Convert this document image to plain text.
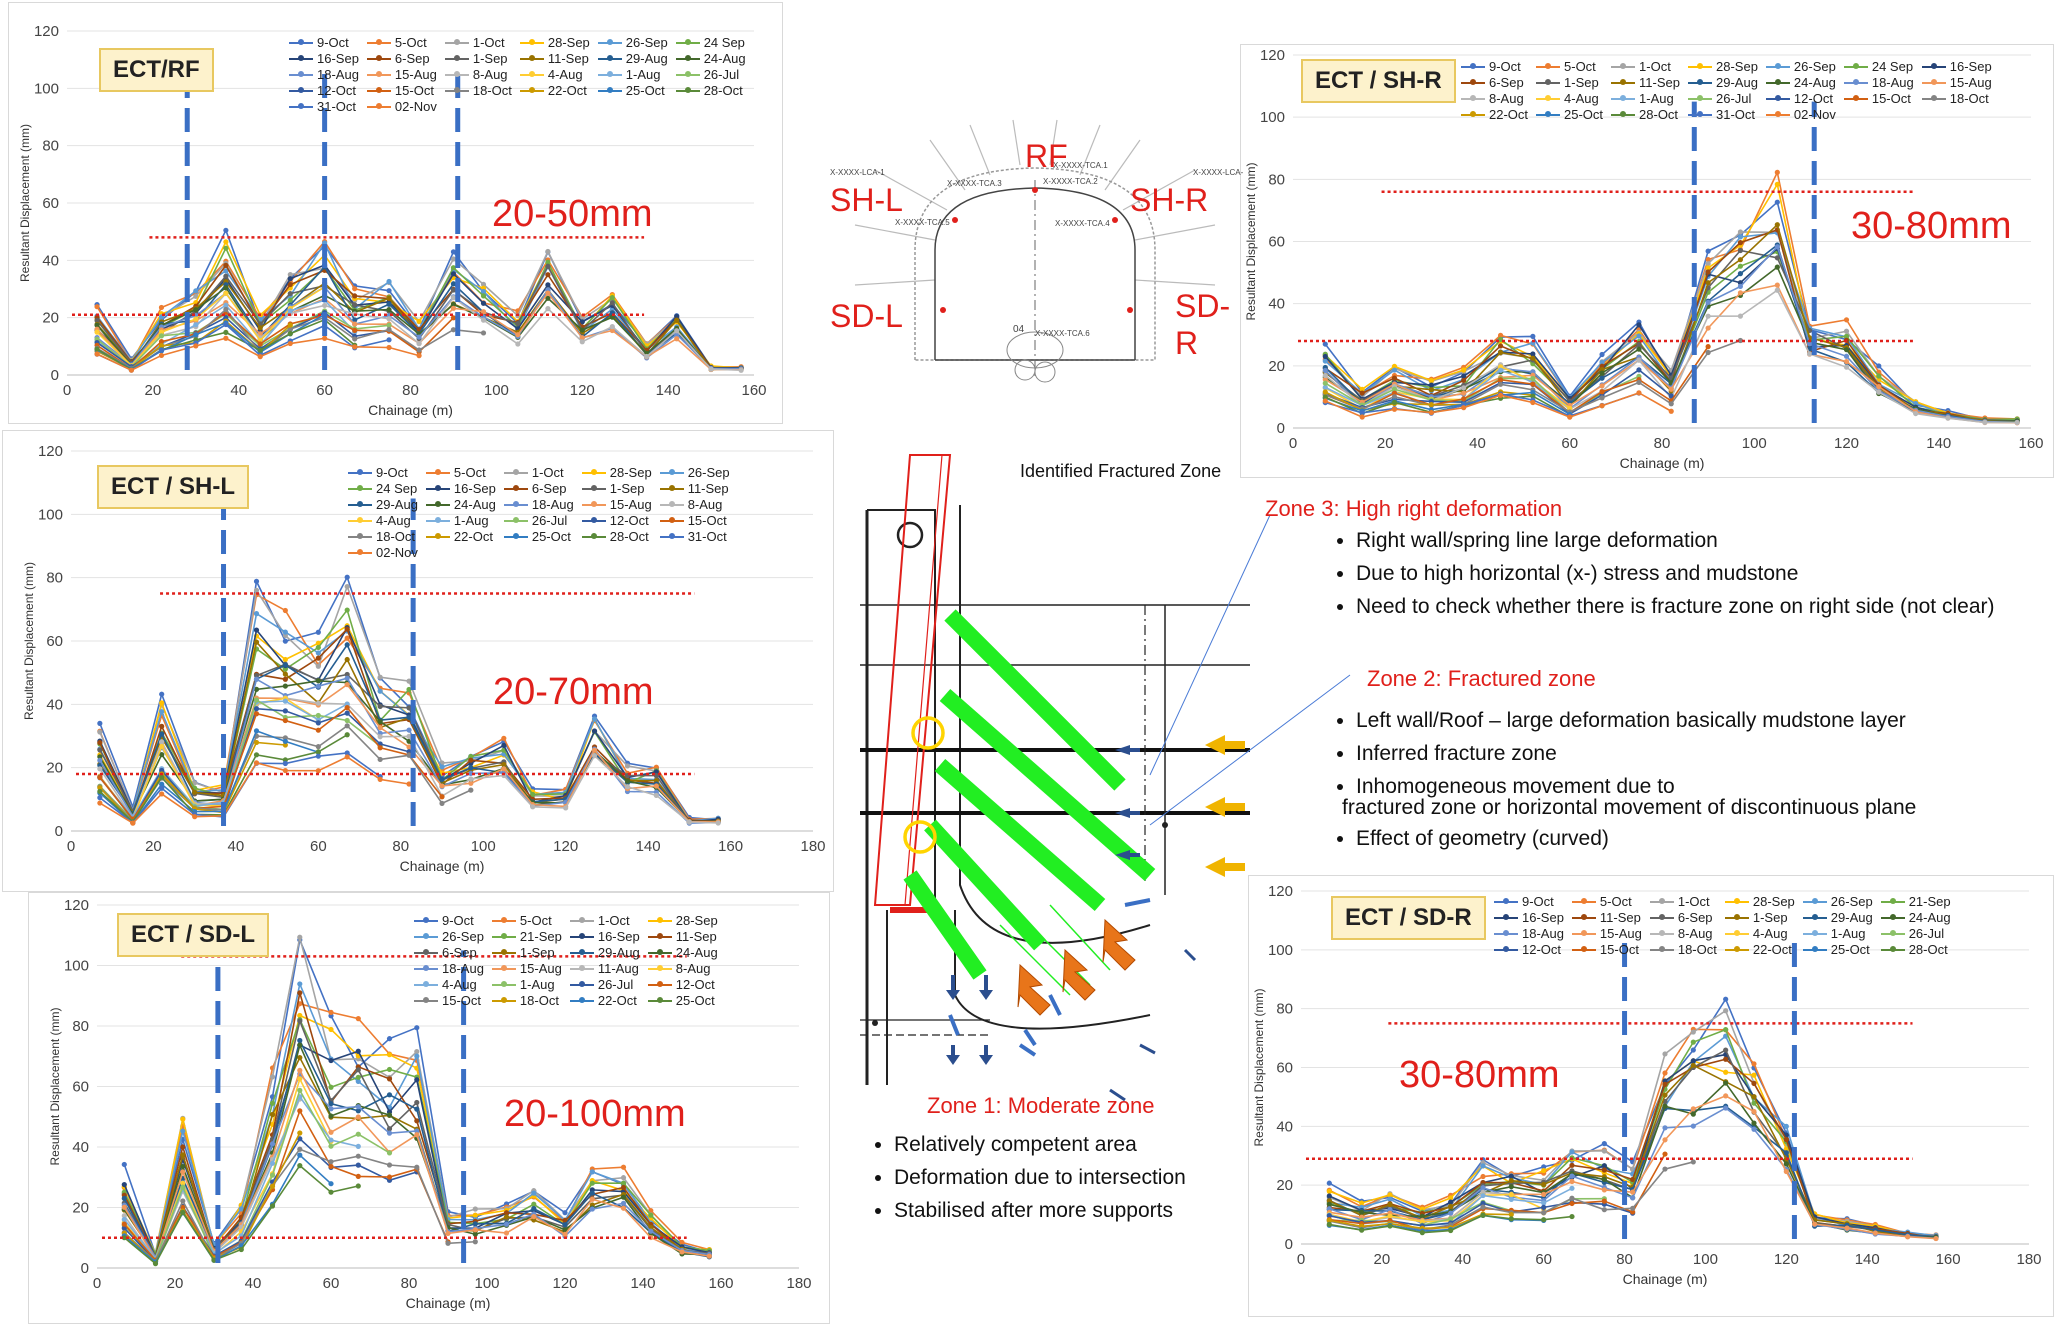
0
20
40
60
80
100
120
0	20	40	60	80	100	120	140	160
Chainage (m)
Resultant Displacement (mm)
ECT/RF
20-50mm
9-Oct	5-Oct	1-Oct	28-Sep	26-Sep	24 Sep
16-Sep	6-Sep	1-Sep	11-Sep	29-Aug	24-Aug
18-Aug	15-Aug	8-Aug	4-Aug	1-Aug	26-Jul
12-Oct	15-Oct	18-Oct	22-Oct	25-Oct	28-Oct
31-Oct	02-Nov
0
20
40
60
80
100
120
0	20	40	60	80	100	120	140	160
Chainage (m)
Resultant Displacement (mm)
ECT / SH-R
30-80mm
9-Oct	5-Oct	1-Oct	28-Sep	26-Sep	24 Sep	16-Sep
6-Sep	1-Sep	11-Sep	29-Aug	24-Aug	18-Aug	15-Aug
8-Aug	4-Aug	1-Aug	26-Jul	12-Oct	15-Oct	18-Oct
22-Oct	25-Oct	28-Oct	31-Oct	02-Nov
0
20
40
60
80
100
120
0	20	40	60	80	100	120	140	160	180
Chainage (m)
Resultant Displacement (mm)
ECT / SH-L
20-70mm
9-Oct	5-Oct	1-Oct	28-Sep	26-Sep
24 Sep	16-Sep	6-Sep	1-Sep	11-Sep
29-Aug	24-Aug	18-Aug	15-Aug	8-Aug
4-Aug	1-Aug	26-Jul	12-Oct	15-Oct
18-Oct	22-Oct	25-Oct	28-Oct	31-Oct
02-Nov
0
20
40
60
80
100
120
0	20	40	60	80	100	120	140	160	180
Chainage (m)
Resultant Displacement (mm)
ECT / SD-L
20-100mm
9-Oct	5-Oct	1-Oct	28-Sep
26-Sep	21-Sep	16-Sep	11-Sep
6-Sep	1-Sep	29-Aug	24-Aug
18-Aug	15-Aug	11-Aug	8-Aug
4-Aug	1-Aug	26-Jul	12-Oct
15-Oct	18-Oct	22-Oct	25-Oct
0
20
40
60
80
100
120
0	20	40	60	80	100	120	140	160	180
Chainage (m)
Resultant Displacement (mm)
ECT / SD-R
30-80mm
9-Oct	5-Oct	1-Oct	28-Sep	26-Sep	21-Sep
16-Sep	11-Sep	6-Sep	1-Sep	29-Aug	24-Aug
18-Aug	15-Aug	8-Aug	4-Aug	1-Aug	26-Jul
12-Oct	15-Oct	18-Oct	22-Oct	25-Oct	28-Oct
X-XXXX-TCA.1
X-XXXX-TCA.2
X-XXXX-TCA.3
X-XXXX-TCA.4
X-XXXX-TCA.5
X-XXXX-TCA.6
X-XXXX-LCA-1	X-XXXX-LCA-
04
RF
SH-L	SH-R
SD-L	SD-R
Identified Fractured Zone
Zone 3: High right deformation
• Right wall/spring line large deformation
• Due to high horizontal (x-) stress and mudstone
• Need to check whether there is fracture zone on right side (not clear)
Zone 2: Fractured zone
• Left wall/Roof – large deformation basically mudstone layer
• Inferred fracture zone
• Inhomogeneous movement due to
fractured zone or horizontal movement of discontinuous plane
• Effect of geometry (curved)
Zone 1: Moderate zone
• Relatively competent area
• Deformation due to intersection
• Stabilised after more supports
